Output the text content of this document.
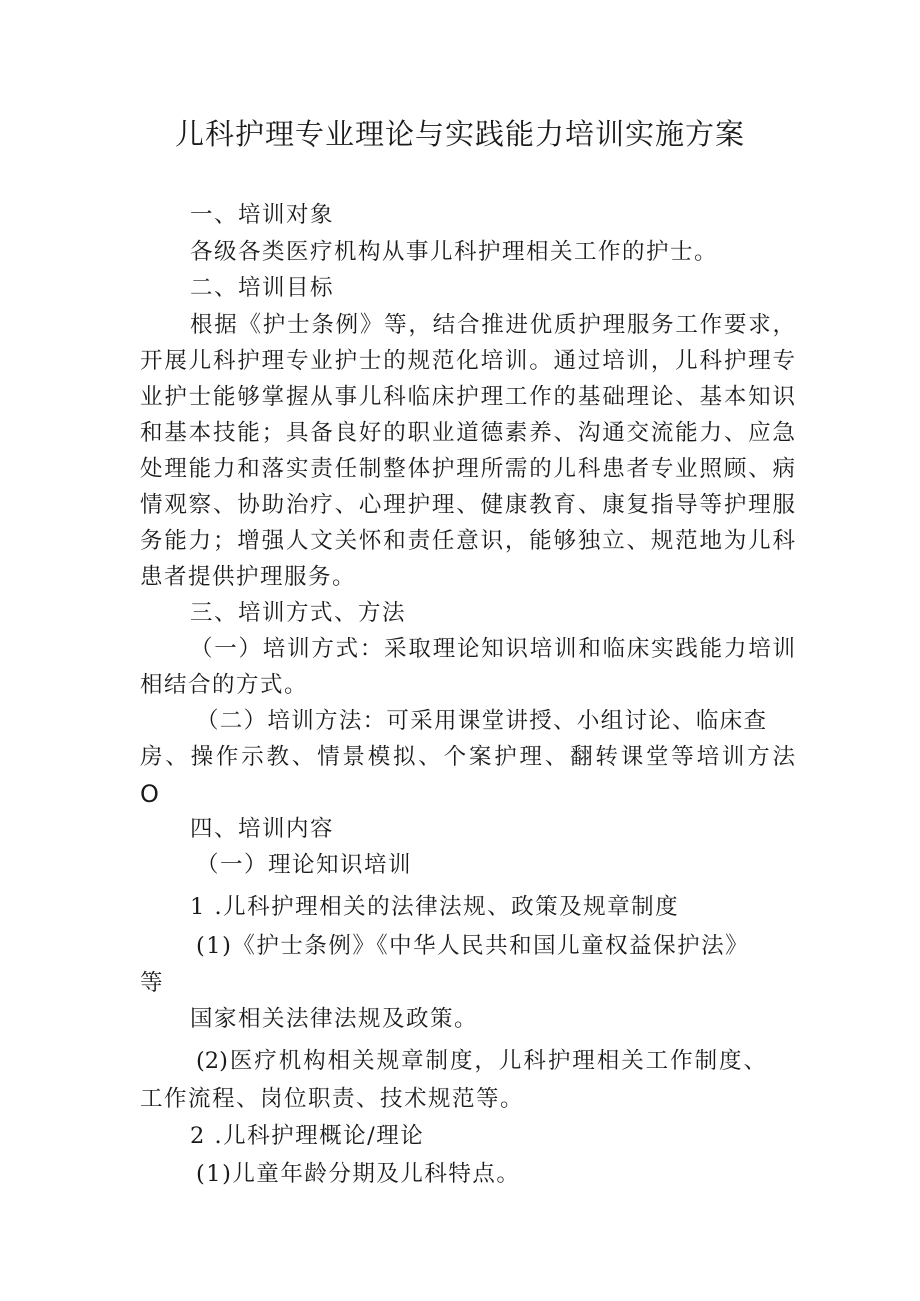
儿科护理专业理论与实践能力培训实施方案

一、培训对象

各级各类医疗机构从事儿科护理相关工作的护士。

二、培训目标

根据《护士条例》等，结合推进优质护理服务工作要求，

开展儿科护理专业护士的规范化培训。通过培训，儿科护理专

业护士能够掌握从事儿科临床护理工作的基础理论、基本知识

和基本技能；具备良好的职业道德素养、沟通交流能力、应急

处理能力和落实责任制整体护理所需的儿科患者专业照顾、病

情观察、协助治疗、心理护理、健康教育、康复指导等护理服

务能力；增强人文关怀和责任意识，能够独立、规范地为儿科

患者提供护理服务。

三、培训方式、方法

（一）培训方式：采取理论知识培训和临床实践能力培训

相结合的方式。

（二）培训方法：可采用课堂讲授、小组讨论、临床查

房、操作示教、情景模拟、个案护理、翻转课堂等培训方法

O

四、培训内容

（一）理论知识培训

1 .儿科护理相关的法律法规、政策及规章制度

(1)《护士条例》《中华人民共和国儿童权益保护法》

等

国家相关法律法规及政策。

(2)医疗机构相关规章制度，儿科护理相关工作制度、

工作流程、岗位职责、技术规范等。

2 .儿科护理概论/理论

(1)儿童年龄分期及儿科特点。
